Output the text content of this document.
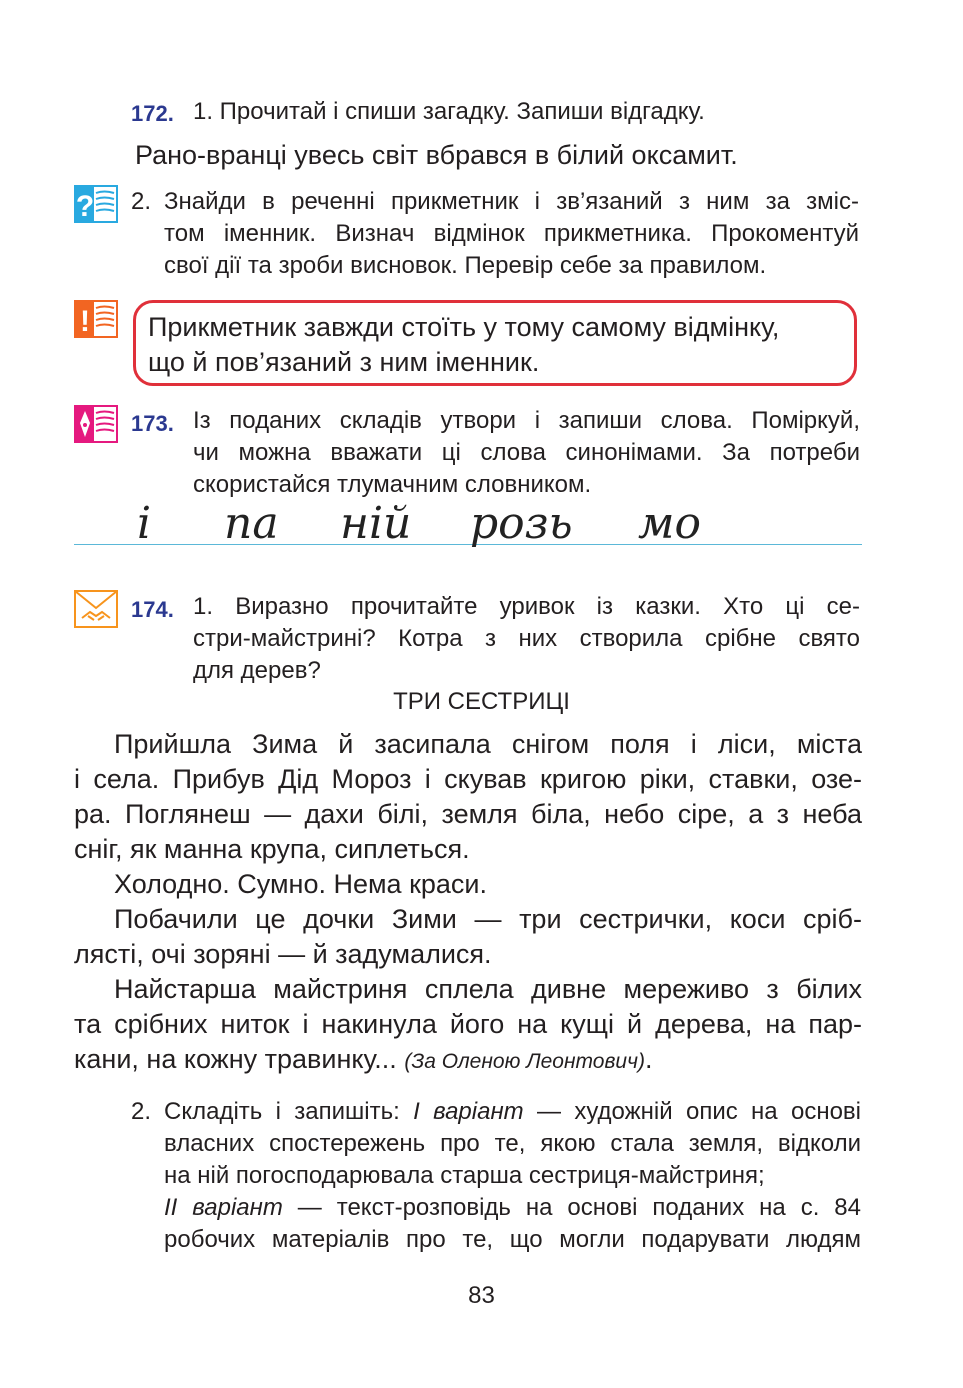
172. 1. Прочитай і спиши загадку. Запиши відгадку.
Рано-вранці увесь світ вбрався в білий оксамит.
? 2. Знайди в реченні прикметник і зв’язаний з ним за зміс-
том іменник. Визнач відмінок прикметника. Прокоментуй
свої дії та зроби висновок. Перевір себе за правилом.
! Прикметник завжди стоїть у тому самому відмінку,
що й пов’язаний з ним іменник.
173. Із поданих складів утвори і запиши слова. Поміркуй,
чи можна вважати ці слова синонімами. За потреби
скористайся тлумачним словником.
і па ній розь мо
174. 1. Виразно прочитайте уривок із казки. Хто ці се-
стри-майстрині? Котра з них створила срібне свято
для дерев?
ТРИ СЕСТРИЦІ
Прийшла Зима й засипала снігом поля і ліси, міста
і села. Прибув Дід Мороз і скував кригою ріки, ставки, озе-
ра. Поглянеш — дахи білі, земля біла, небо сіре, а з неба
сніг, як манна крупа, сиплеться.
Холодно. Сумно. Нема краси.
Побачили це дочки Зими — три сестрички, коси сріб-
лясті, очі зоряні — й задумалися.
Найстарша майстриня сплела дивне мереживо з білих
та срібних ниток і накинула його на кущі й дерева, на пар-
кани, на кожну травинку... (За Оленою Леонтович).
2. Складіть і запишіть: І варіант — художній опис на основі
власних спостережень про те, якою стала земля, відколи
на ній погосподарювала старша сестриця-майстриня;
ІІ варіант — текст-розповідь на основі поданих на с. 84
робочих матеріалів про те, що могли подарувати людям
83
